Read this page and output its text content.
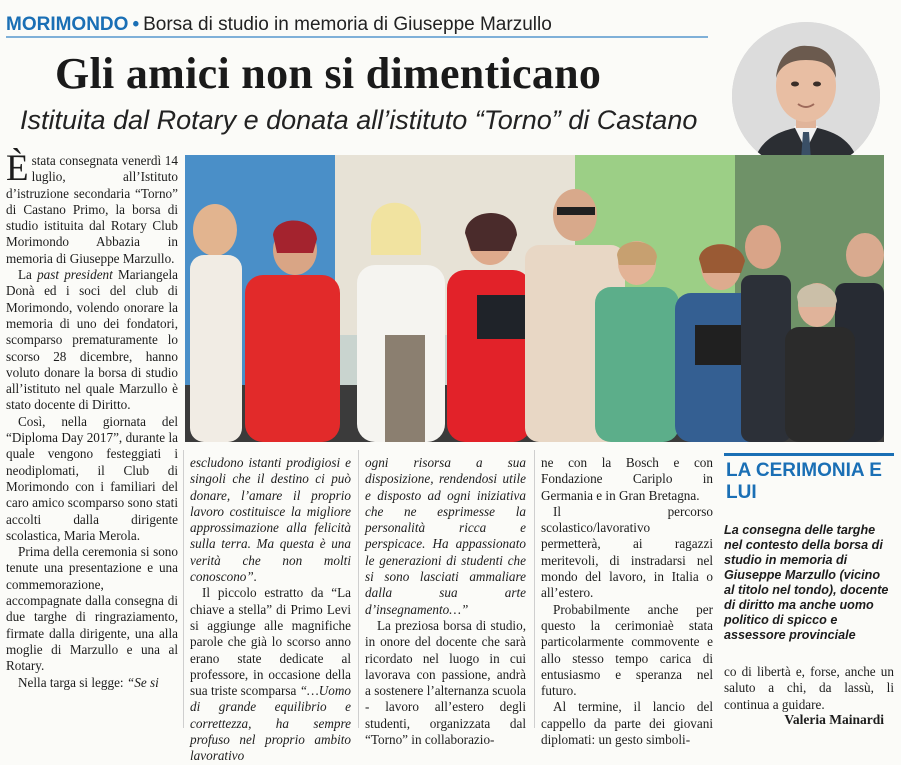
MORIMONDO • Borsa di studio in memoria di Giuseppe Marzullo
Gli amici non si dimenticano
Istituita dal Rotary e donata all’istituto “Torno” di Castano

Èstata consegnata venerdì 14 luglio, all’Istituto d’istruzione secondaria “Torno” di Castano Primo, la borsa di studio istituita dal Rotary Club Morimondo Abbazia in memoria di Giuseppe Marzullo.

La past president Mariangela Donà ed i soci del club di Morimondo, volendo onorare la memoria di uno dei fondatori, scomparso prematuramente lo scorso 28 dicembre, hanno voluto donare la borsa di studio all’istituto nel quale Marzullo è stato docente di Diritto.

Così, nella giornata del “Diploma Day 2017”, durante la quale vengono festeggiati i neodiplomati, il Club di Morimondo con i familiari del caro amico scomparso sono stati accolti dalla dirigente scolastica, Maria Merola.

Prima della ceremonia si sono tenute una presentazione e una commemorazione, accompagnate dalla consegna di due targhe di ringraziamento, firmate dalla dirigente, una alla moglie di Marzullo e una al Rotary.

Nella targa si legge: “Se si

escludono istanti prodigiosi e singoli che il destino ci può donare, l’amare il proprio lavoro costituisce la migliore approssimazione alla felicità sulla terra. Ma questa è una verità che non molti conoscono”.

Il piccolo estratto da “La chiave a stella” di Primo Levi si aggiunge alle magnifiche parole che già lo scorso anno erano state dedicate al professore, in occasione della sua triste scomparsa “…Uomo di grande equilibrio e correttezza, ha sempre profuso nel proprio ambito lavorativo

ogni risorsa a sua disposizione, rendendosi utile e disposto ad ogni iniziativa che ne esprimesse la personalità ricca e perspicace. Ha appassionato le generazioni di studenti che si sono lasciati ammaliare dalla sua arte d’insegnamento…”

La preziosa borsa di studio, in onore del docente che sarà ricordato nel luogo in cui lavorava con passione, andrà a sostenere l’alternanza scuola - lavoro all’estero degli studenti, organizzata dal “Torno” in collaborazio-

ne con la Bosch e con Fondazione Cariplo in Germania e in Gran Bretagna.

Il percorso scolastico/lavorativo permetterà, ai ragazzi meritevoli, di instradarsi nel mondo del lavoro, in Italia o all’estero.

Probabilmente anche per questo la cerimoniaè stata particolarmente commovente e allo stesso tempo carica di entusiasmo e speranza nel futuro.

Al termine, il lancio del cappello da parte dei giovani diplomati: un gesto simboli-

LA CERIMONIA E LUI
La consegna delle targhe nel contesto della borsa di studio in memoria di Giuseppe Marzullo (vicino al titolo nel tondo), docente di diritto ma anche uomo politico di spicco e assessore provinciale

co di libertà e, forse, anche un saluto a chi, da lassù, li continua a guidare.

Valeria Mainardi
